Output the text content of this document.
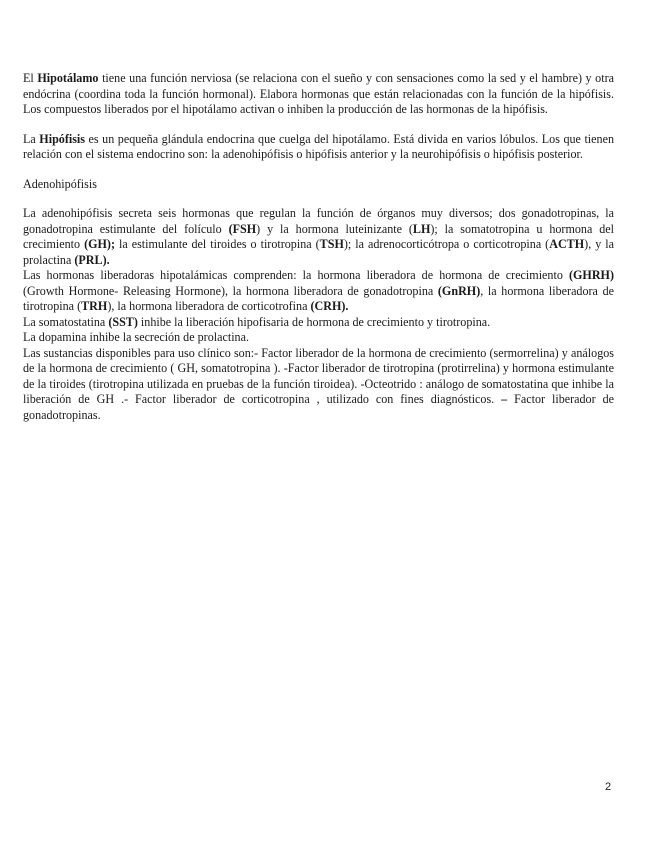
El Hipotálamo tiene una función nerviosa (se relaciona con el sueño y con sensaciones como la sed y el hambre) y otra endócrina (coordina toda la función hormonal). Elabora hormonas que están relacionadas con la función de la hipófisis. Los compuestos liberados por el hipotálamo activan o inhiben la producción de las hormonas de la hipófisis.

La Hipófisis es un pequeña glándula endocrina que cuelga del hipotálamo. Está divida en varios lóbulos. Los que tienen relación con el sistema endocrino son: la adenohipófisis o hipófisis anterior y la neurohipófisis o hipófisis posterior.

Adenohipófisis

La adenohipófisis secreta seis hormonas que regulan la función de órganos muy diversos; dos gonadotropinas, la gonadotropina estimulante del folículo (FSH) y la hormona luteinizante (LH); la somatotropina u hormona del crecimiento (GH); la estimulante del tiroides o tirotropina (TSH); la adrenocorticótropa o corticotropina (ACTH), y la prolactina (PRL).

Las hormonas liberadoras hipotalámicas comprenden: la hormona liberadora de hormona de crecimiento (GHRH) (Growth Hormone- Releasing Hormone), la hormona liberadora de gonadotropina (GnRH), la hormona liberadora de tirotropina (TRH), la hormona liberadora de corticotrofina (CRH).

La somatostatina (SST) inhibe la liberación hipofisaria de hormona de crecimiento y tirotropina.

La dopamina inhibe la secreción de prolactina.

Las sustancias disponibles para uso clínico son:- Factor liberador de la hormona de crecimiento (sermorrelina) y análogos de la hormona de crecimiento ( GH, somatotropina ). -Factor liberador de tirotropina (protirrelina) y hormona estimulante de la tiroides (tirotropina utilizada en pruebas de la función tiroidea). -Octeotrido : análogo de somatostatina que inhibe la liberación de GH .- Factor liberador de corticotropina , utilizado con fines diagnósticos. – Factor liberador de gonadotropinas.

2
